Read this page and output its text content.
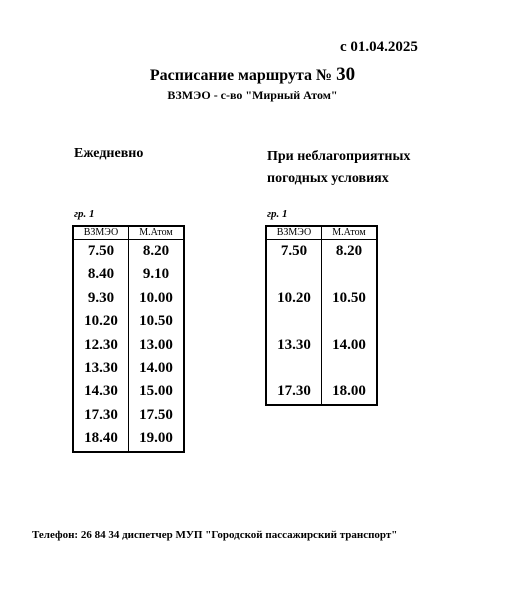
с 01.04.2025
Расписание маршрута № 30
ВЗМЭО - с-во "Мирный Атом"
Ежедневно	При неблагоприятных
погодных условиях
гр. 1	гр. 1
ВЗМЭО	М.Атом
7.50	8.20
8.40	9.10
9.30	10.00
10.20	10.50
12.30	13.00
13.30	14.00
14.30	15.00
17.30	17.50
18.40	19.00
ВЗМЭО	М.Атом
7.50	8.20

10.20	10.50

13.30	14.00

17.30	18.00
Телефон: 26 84 34 диспетчер МУП "Городской пассажирский транспорт"
